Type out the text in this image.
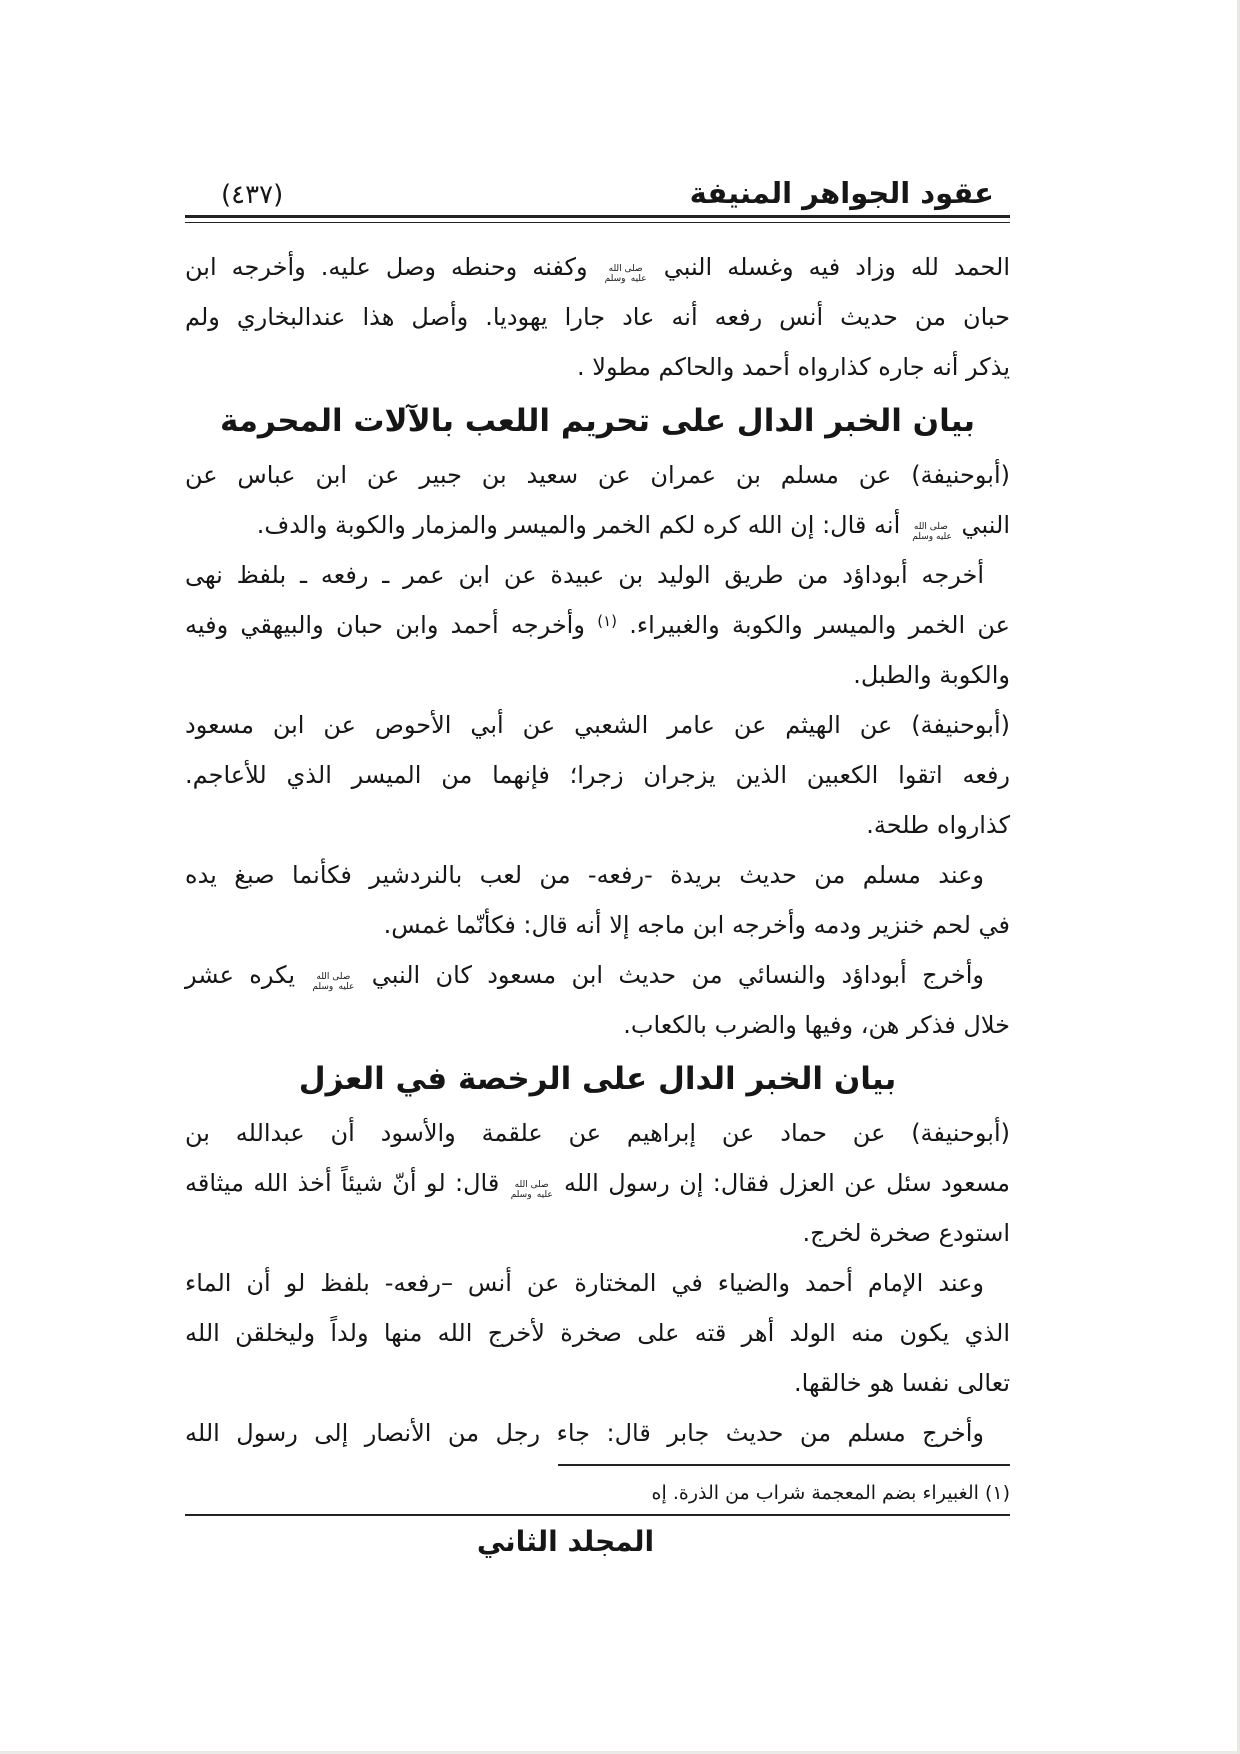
عقود الجواهر المنيفة
(٤٣٧)
الحمد لله وزاد فيه وغسله النبي صلى الله عليه وسلم وكفنه وحنطه وصل عليه. وأخرجه ابن
حبان من حديث أنس رفعه أنه عاد جارا يهوديا. وأصل هذا عندالبخاري ولم
يذكر أنه جاره كذارواه أحمد والحاكم مطولا .
بيان الخبر الدال على تحريم اللعب بالآلات المحرمة
(أبوحنيفة) عن مسلم بن عمران عن سعيد بن جبير عن ابن عباس عن
النبي صلى الله عليه وسلم أنه قال: إن الله كره لكم الخمر والميسر والمزمار والكوبة والدف.
أخرجه أبوداؤد من طريق الوليد بن عبيدة عن ابن عمر ـ رفعه ـ بلفظ نهى
عن الخمر والميسر والكوبة والغبيراء. $^{(١)}$ وأخرجه أحمد وابن حبان والبيهقي وفيه
والكوبة والطبل.
(أبوحنيفة) عن الهيثم عن عامر الشعبي عن أبي الأحوص عن ابن مسعود
رفعه اتقوا الكعبين الذين يزجران زجرا؛ فإنهما من الميسر الذي للأعاجم.
كذارواه طلحة.
وعند مسلم من حديث بريدة -رفعه- من لعب بالنردشير فكأنما صبغ يده
في لحم خنزير ودمه وأخرجه ابن ماجه إلا أنه قال: فكأنّما غمس.
وأخرج أبوداؤد والنسائي من حديث ابن مسعود كان النبي صلى الله عليه وسلم يكره عشر
خلال فذكر هن، وفيها والضرب بالكعاب.
بيان الخبر الدال على الرخصة في العزل
(أبوحنيفة) عن حماد عن إبراهيم عن علقمة والأسود أن عبدالله بن
مسعود سئل عن العزل فقال: إن رسول الله صلى الله عليه وسلم قال: لو أنّ شيئاً أخذ الله ميثاقه
استودع صخرة لخرج.
وعند الإمام أحمد والضياء في المختارة عن أنس –رفعه- بلفظ لو أن الماء
الذي يكون منه الولد أهر قته على صخرة لأخرج الله منها ولداً وليخلقن الله
تعالى نفسا هو خالقها.
وأخرج مسلم من حديث جابر قال: جاء رجل من الأنصار إلى رسول الله
(١) الغبيراء بضم المعجمة شراب من الذرة. إه
المجلد الثاني
